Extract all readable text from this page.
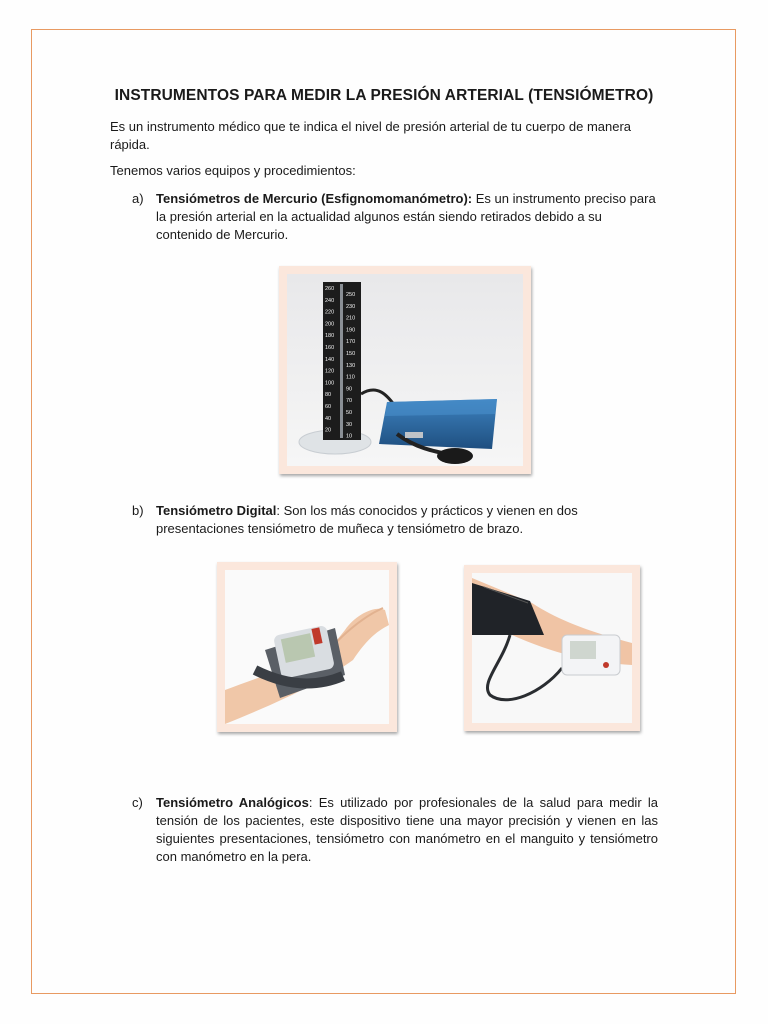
INSTRUMENTOS PARA MEDIR LA PRESIÓN ARTERIAL (TENSIÓMETRO)
Es un instrumento médico que te indica el nivel de presión arterial de tu cuerpo de manera rápida.
Tenemos varios equipos y procedimientos:
a) Tensiómetros de Mercurio (Esfignomomanómetro): Es un instrumento preciso para la presión arterial en la actualidad algunos están siendo retirados debido a su contenido de Mercurio.
260
240
220
200
180
160
140
120
100
80
60
40
20
250
230
210
190
170
150
130
110
90
70
50
30
10
b) Tensiómetro Digital: Son los más conocidos y prácticos y vienen en dos presentaciones tensiómetro de muñeca y tensiómetro de brazo.
c)	Tensiómetro Analógicos: Es utilizado por profesionales de la salud para medir la tensión de los pacientes, este dispositivo tiene una mayor precisión y vienen en las siguientes presentaciones, tensiómetro con manómetro en el manguito y tensiómetro con manómetro en la pera.
